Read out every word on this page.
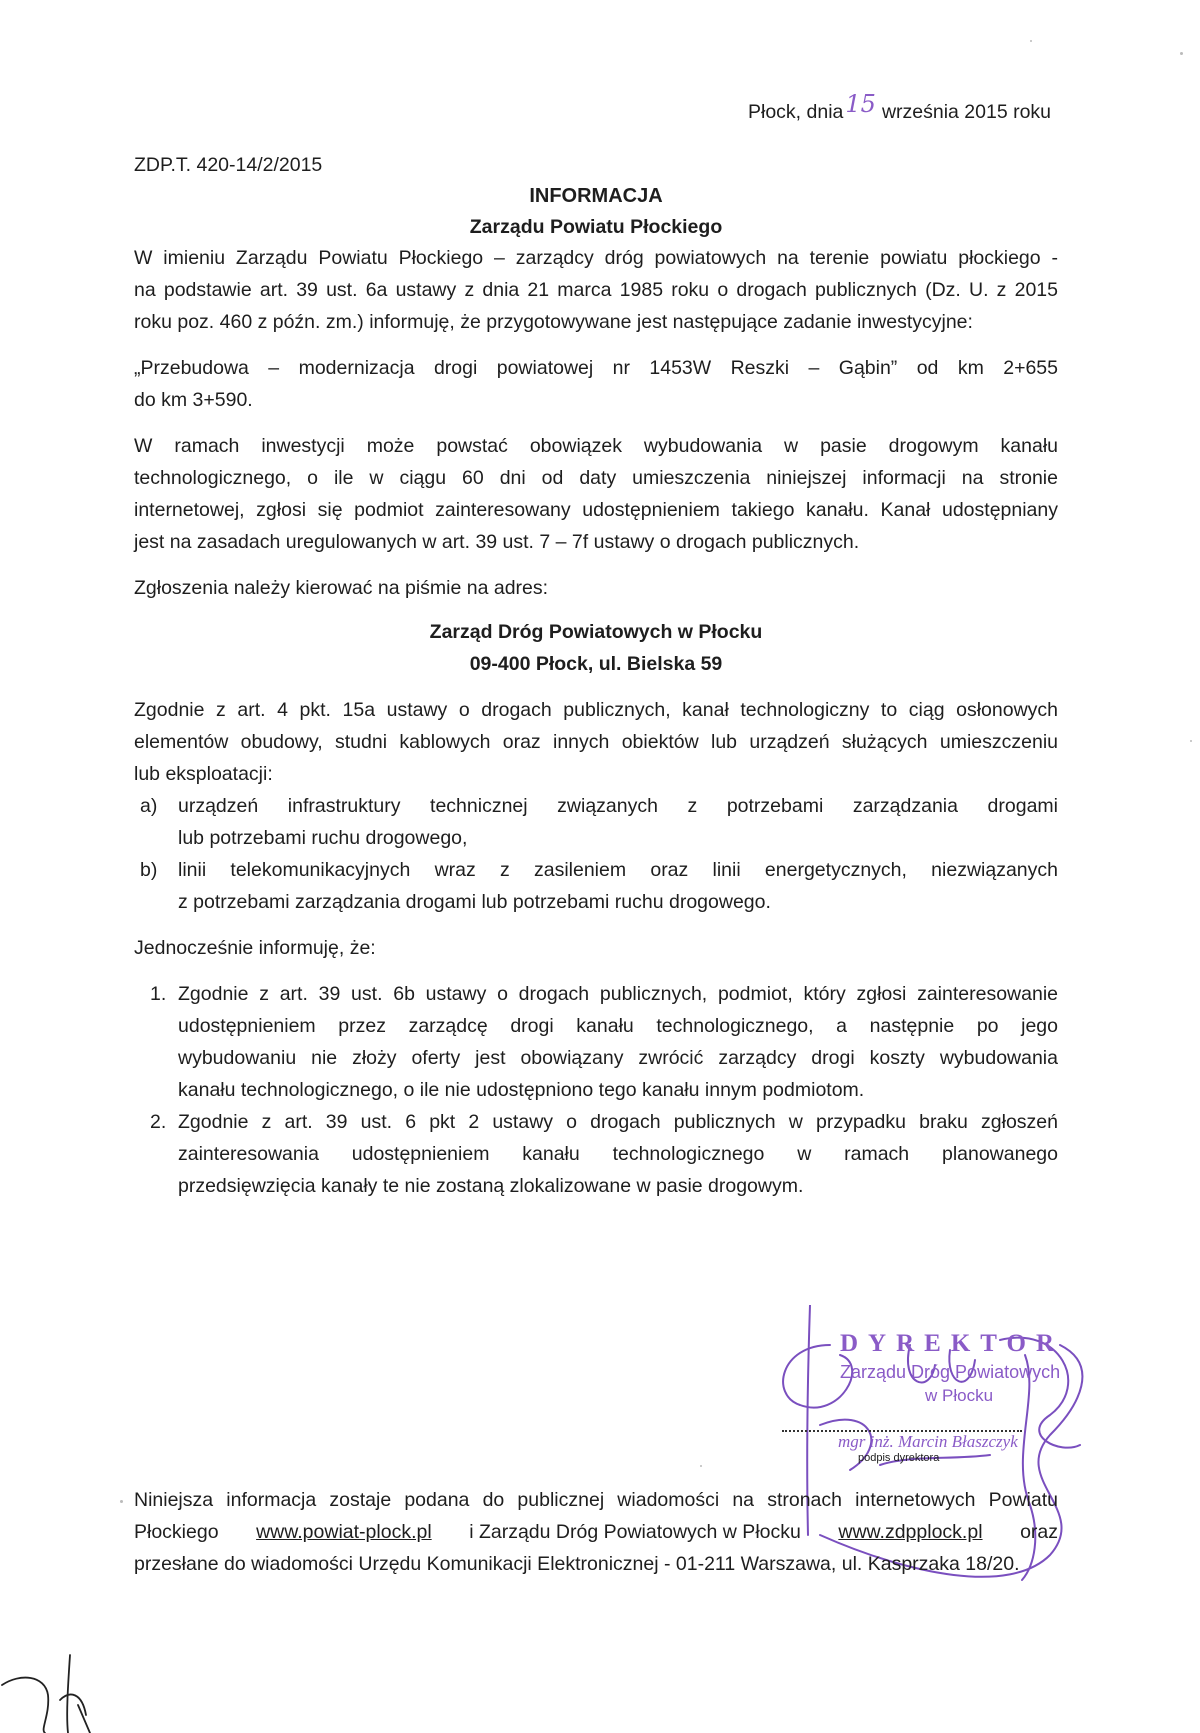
Płock, dnia15 września 2015 roku
ZDP.T. 420-14/2/2015
INFORMACJA
Zarządu Powiatu Płockiego
W imieniu Zarządu Powiatu Płockiego – zarządcy dróg powiatowych na terenie powiatu płockiego -
na podstawie art. 39 ust. 6a ustawy z dnia 21 marca 1985 roku o drogach publicznych (Dz. U. z 2015
roku poz. 460 z późn. zm.) informuję, że przygotowywane jest następujące zadanie inwestycyjne:
„Przebudowa – modernizacja drogi powiatowej nr 1453W Reszki – Gąbin” od km 2+655
do km 3+590.
W ramach inwestycji może powstać obowiązek wybudowania w pasie drogowym kanału
technologicznego, o ile w ciągu 60 dni od daty umieszczenia niniejszej informacji na stronie
internetowej, zgłosi się podmiot zainteresowany udostępnieniem takiego kanału. Kanał udostępniany
jest na zasadach uregulowanych w art. 39 ust. 7 – 7f ustawy o drogach publicznych.
Zgłoszenia należy kierować na piśmie na adres:
Zarząd Dróg Powiatowych w Płocku
09-400 Płock, ul. Bielska 59
Zgodnie z art. 4 pkt. 15a ustawy o drogach publicznych, kanał technologiczny to ciąg osłonowych
elementów obudowy, studni kablowych oraz innych obiektów lub urządzeń służących umieszczeniu
lub eksploatacji:
a) urządzeń infrastruktury technicznej związanych z potrzebami zarządzania drogami
lub potrzebami ruchu drogowego,
b) linii telekomunikacyjnych wraz z zasileniem oraz linii energetycznych, niezwiązanych
z potrzebami zarządzania drogami lub potrzebami ruchu drogowego.
Jednocześnie informuję, że:
1. Zgodnie z art. 39 ust. 6b ustawy o drogach publicznych, podmiot, który zgłosi zainteresowanie
udostępnieniem przez zarządcę drogi kanału technologicznego, a następnie po jego
wybudowaniu nie złoży oferty jest obowiązany zwrócić zarządcy drogi koszty wybudowania
kanału technologicznego, o ile nie udostępniono tego kanału innym podmiotom.
2. Zgodnie z art. 39 ust. 6 pkt 2 ustawy o drogach publicznych w przypadku braku zgłoszeń
zainteresowania udostępnieniem kanału technologicznego w ramach planowanego
przedsięwzięcia kanały te nie zostaną zlokalizowane w pasie drogowym.
DYREKTOR
Zarządu Dróg Powiatowych
w Płocku
mgr inż. Marcin Błaszczyk
podpis dyrektora
Niniejsza informacja zostaje podana do publicznej wiadomości na stronach internetowych Powiatu
Płockiego www.powiat-plock.pl i Zarządu Dróg Powiatowych w Płocku www.zdpplock.pl oraz
przesłane do wiadomości Urzędu Komunikacji Elektronicznej - 01-211 Warszawa, ul. Kasprzaka 18/20.
